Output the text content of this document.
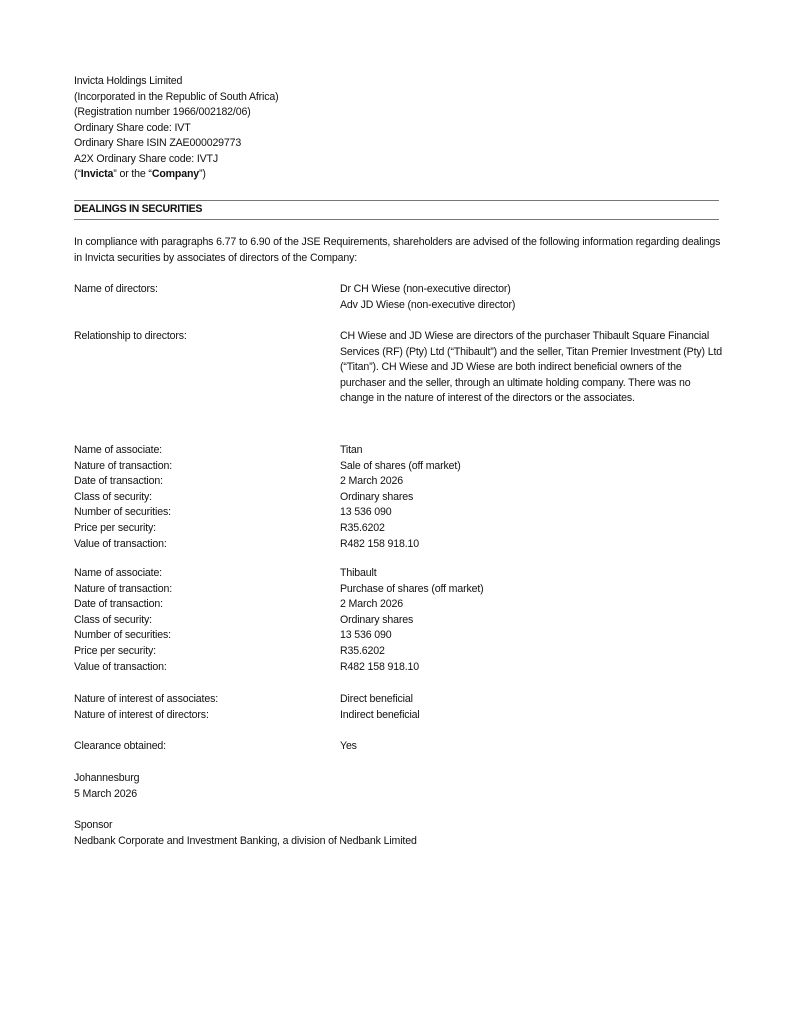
Invicta Holdings Limited
(Incorporated in the Republic of South Africa)
(Registration number 1966/002182/06)
Ordinary Share code: IVT
Ordinary Share ISIN ZAE000029773
A2X Ordinary Share code: IVTJ
(“Invicta” or the “Company”)
DEALINGS IN SECURITIES
In compliance with paragraphs 6.77 to 6.90 of the JSE Requirements, shareholders are advised of the following information regarding dealings in Invicta securities by associates of directors of the Company:
Name of directors:	Dr CH Wiese (non-executive director)
Adv JD Wiese (non-executive director)
Relationship to directors:	CH Wiese and JD Wiese are directors of the purchaser Thibault Square Financial Services (RF) (Pty) Ltd (“Thibault”) and the seller, Titan Premier Investment (Pty) Ltd (“Titan”). CH Wiese and JD Wiese are both indirect beneficial owners of the purchaser and the seller, through an ultimate holding company. There was no change in the nature of interest of the directors or the associates.
Name of associate:	Titan
Nature of transaction:	Sale of shares (off market)
Date of transaction:	2 March 2026
Class of security:	Ordinary shares
Number of securities:	13 536 090
Price per security:	R35.6202
Value of transaction:	R482 158 918.10
Name of associate:	Thibault
Nature of transaction:	Purchase of shares (off market)
Date of transaction:	2 March 2026
Class of security:	Ordinary shares
Number of securities:	13 536 090
Price per security:	R35.6202
Value of transaction:	R482 158 918.10
Nature of interest of associates:	Direct beneficial
Nature of interest of directors:	Indirect beneficial
Clearance obtained:	Yes
Johannesburg
5 March 2026
Sponsor
Nedbank Corporate and Investment Banking, a division of Nedbank Limited
